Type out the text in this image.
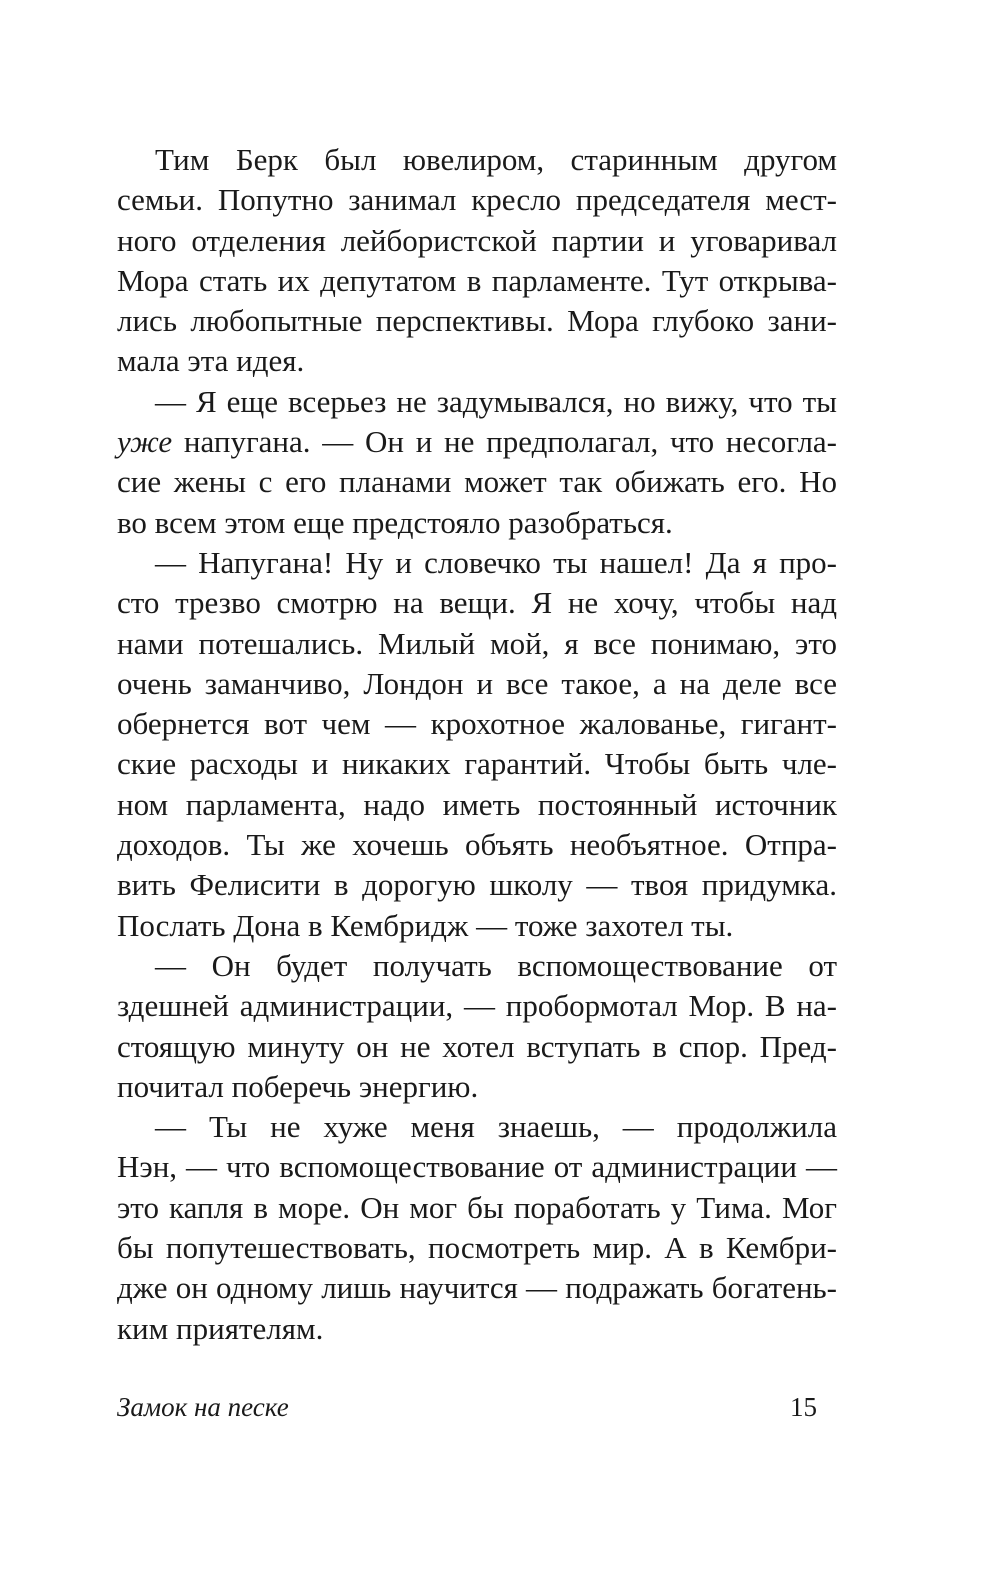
Тим Берк был ювелиром, старинным другом
семьи. Попутно занимал кресло председателя мест-
ного отделения лейбористской партии и уговаривал
Мора стать их депутатом в парламенте. Тут открыва-
лись любопытные перспективы. Мора глубоко зани-
мала эта идея.
— Я еще всерьез не задумывался, но вижу, что ты
уже напугана. — Он и не предполагал, что несогла-
сие жены с его планами может так обижать его. Но
во всем этом еще предстояло разобраться.
— Напугана! Ну и словечко ты нашел! Да я про-
сто трезво смотрю на вещи. Я не хочу, чтобы над
нами потешались. Милый мой, я все понимаю, это
очень заманчиво, Лондон и все такое, а на деле все
обернется вот чем — крохотное жалованье, гигант-
ские расходы и никаких гарантий. Чтобы быть чле-
ном парламента, надо иметь постоянный источник
доходов. Ты же хочешь объять необъятное. Отпра-
вить Фелисити в дорогую школу — твоя придумка.
Послать Дона в Кембридж — тоже захотел ты.
— Он будет получать вспомоществование от
здешней администрации, — пробормотал Мор. В на-
стоящую минуту он не хотел вступать в спор. Пред-
почитал поберечь энергию.
— Ты не хуже меня знаешь, — продолжила
Нэн, — что вспомоществование от администрации —
это капля в море. Он мог бы поработать у Тима. Мог
бы попутешествовать, посмотреть мир. А в Кембри-
дже он одному лишь научится — подражать богатень-
ким приятелям.
Замок на песке	15
